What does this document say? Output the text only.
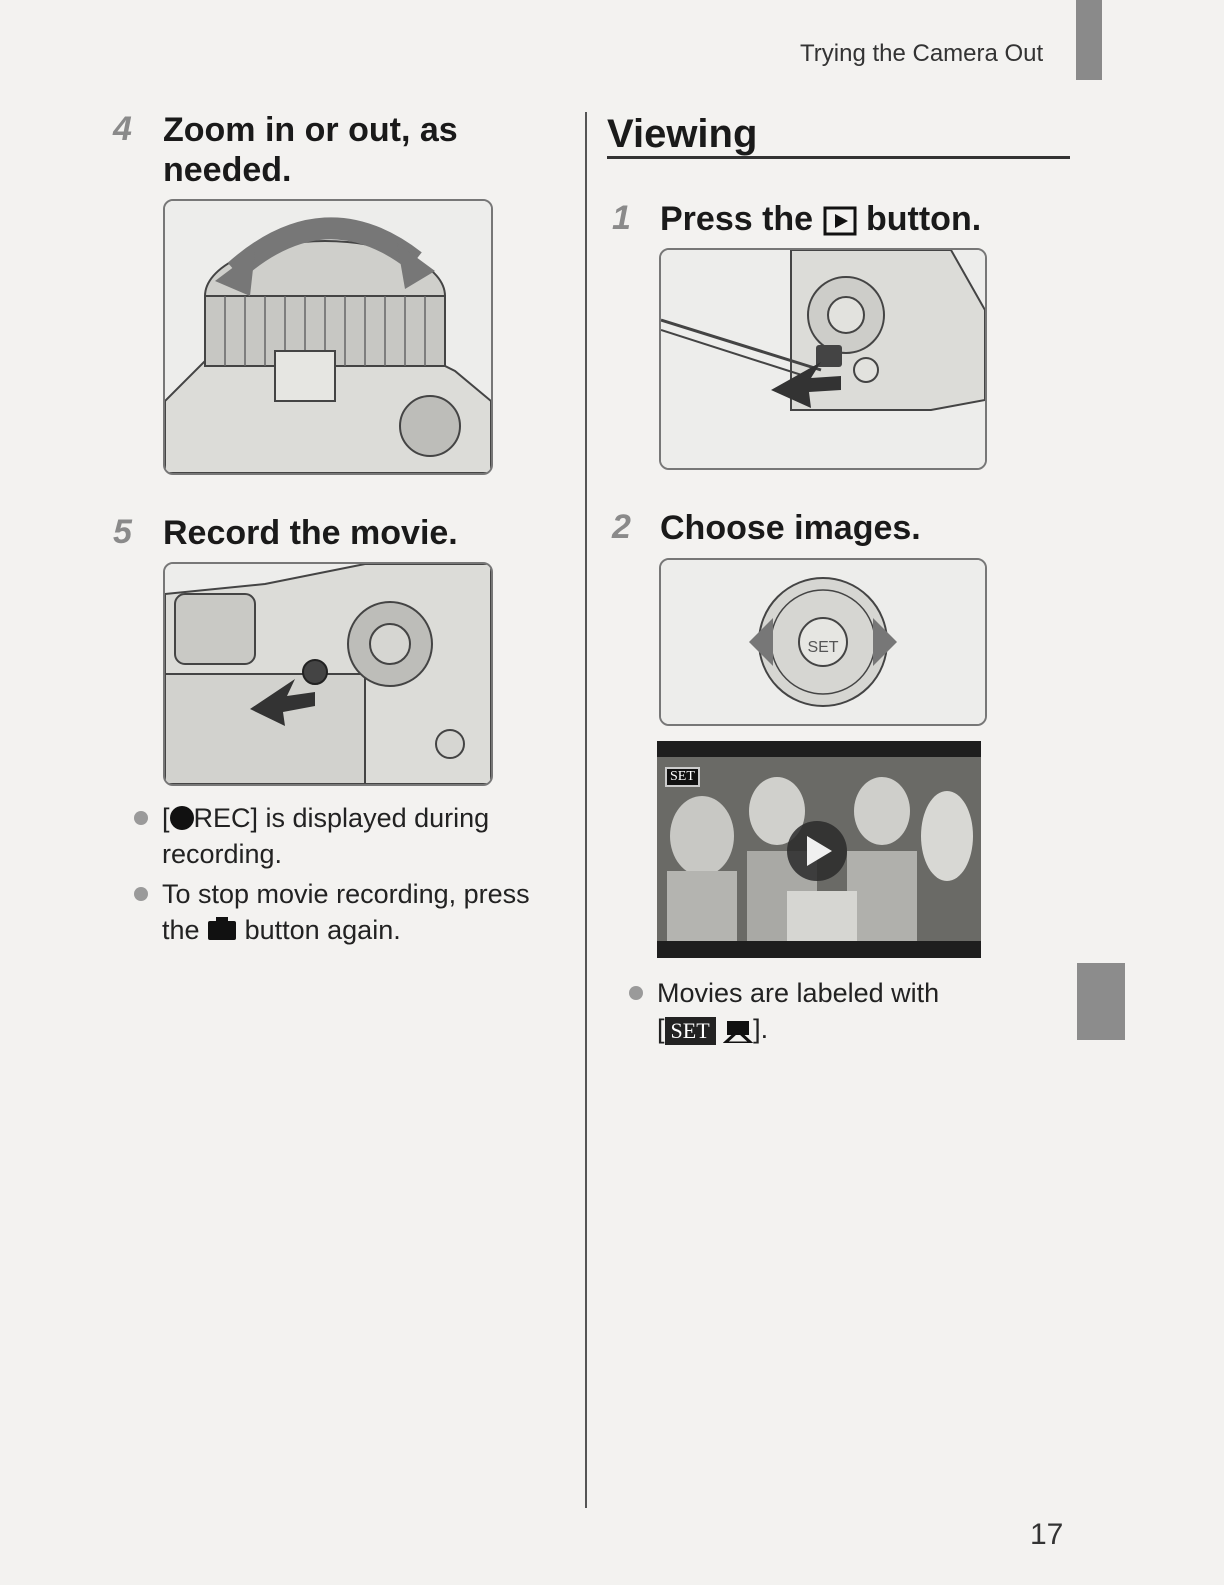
Trying the Camera Out
4 Zoom in or out, as needed.
5 Record the movie.
[ REC] is displayed during recording.
To stop movie recording, press the button again.
Viewing
1 Press the button.
2 Choose images.
SET
SET
Movies are labeled with
[ SET ].
17
